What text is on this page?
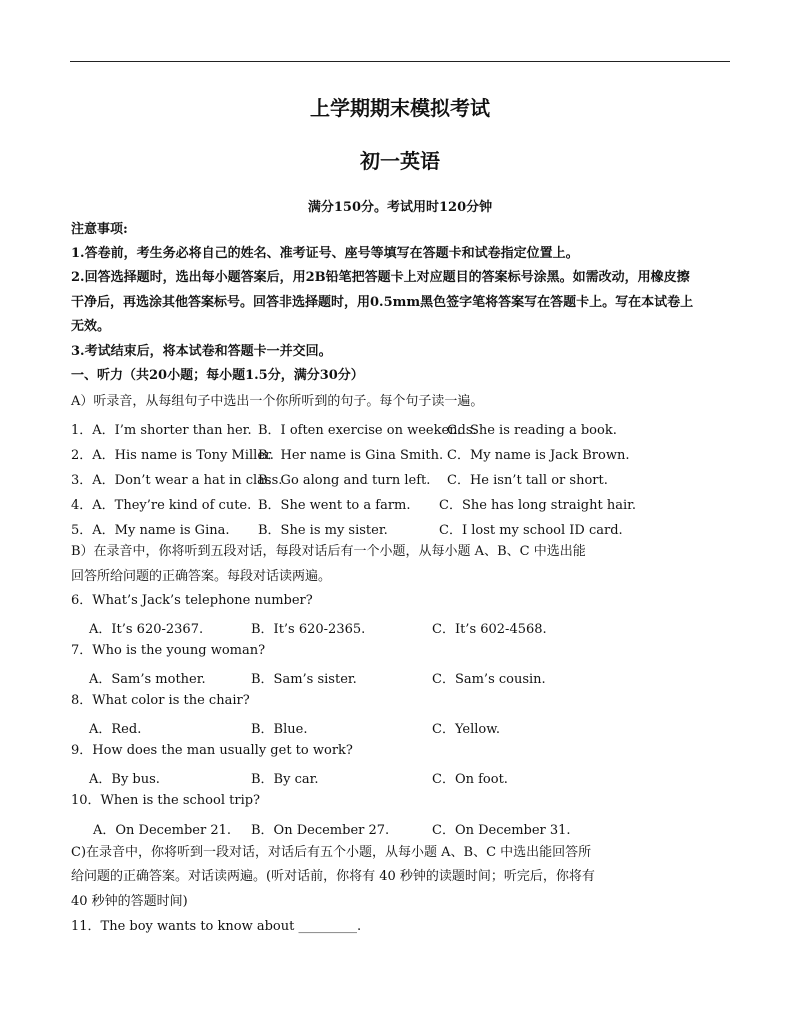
上学期期末模拟考试
初一英语
满分150分。考试用时120分钟
注意事项:
1.答卷前，考生务必将自己的姓名、准考证号、座号等填写在答题卡和试卷指定位置上。
2.回答选择题时，选出每小题答案后，用2B铅笔把答题卡上对应题目的答案标号涂黑。如需改动，用橡皮擦
干净后，再选涂其他答案标号。回答非选择题时，用0.5mm黑色签字笔将答案写在答题卡上。写在本试卷上
无效。
3.考试结束后，将本试卷和答题卡一并交回。
一、听力（共20小题；每小题1.5分，满分30分）
A）听录音，从每组句子中选出一个你所听到的句子。每个句子读一遍。
1．A．I’m shorter than her. B．I often exercise on weekends.
C．She is reading a book.
2．A．His name is Tony Miller.
B．Her name is Gina Smith. C．My name is Jack Brown.
3．A．Don’t wear a hat in class.
B．Go along and turn left. C．He isn’t tall or short.
4．A．They’re kind of cute. B．She went to a farm. C．She has long straight hair.
5．A．My name is Gina. B．She is my sister.	C．I lost my school ID card.
B）在录音中，你将听到五段对话，每段对话后有一个小题，从每小题 A、B、C 中选出能
回答所给问题的正确答案。每段对话读两遍。
6．What’s Jack’s telephone number?
A．It’s 620-2367.	B．It’s 620-2365.	C．It’s 602-4568.
7．Who is the young woman?
A．Sam’s mother.	B．Sam’s sister.	C．Sam’s cousin.
8．What color is the chair?
A．Red.	B．Blue.	C．Yellow.
9．How does the man usually get to work?
A．By bus.	B．By car.	C．On foot.
10．When is the school trip?
A．On December 21. B．On December 27.	C．On December 31.
C)在录音中，你将听到一段对话，对话后有五个小题，从每小题 A、B、C 中选出能回答所
给问题的正确答案。对话读两遍。(听对话前，你将有 40 秒钟的读题时间；听完后，你将有
40 秒钟的答题时间)
11．The boy wants to know about _________.
